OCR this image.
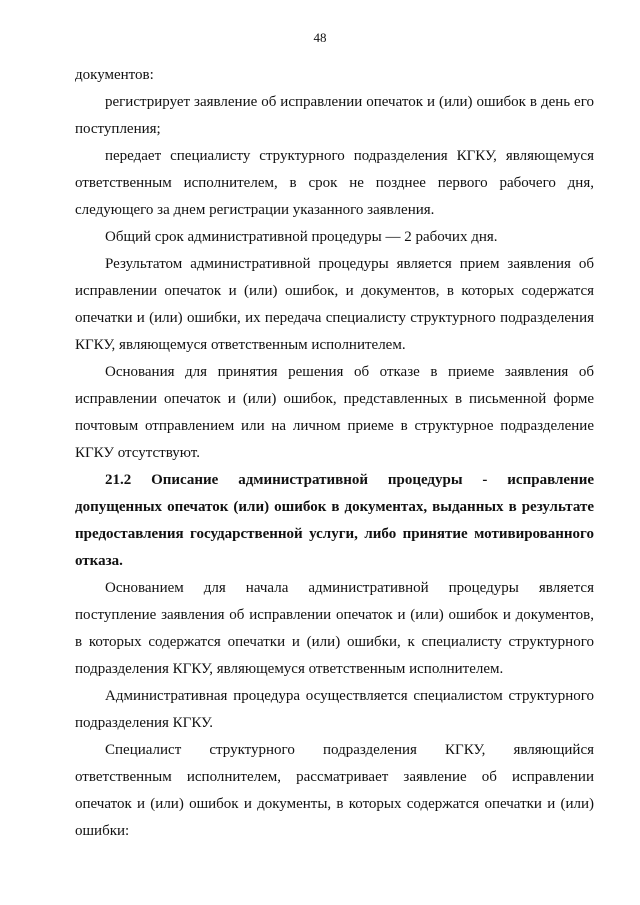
48

документов:

регистрирует заявление об исправлении опечаток и (или) ошибок в день его поступления;

передает специалисту структурного подразделения КГКУ, являющемуся ответственным исполнителем, в срок не позднее первого рабочего дня, следующего за днем регистрации указанного заявления.

Общий срок административной процедуры — 2 рабочих дня.

Результатом административной процедуры является прием заявления об исправлении опечаток и (или) ошибок, и документов, в которых содержатся опечатки и (или) ошибки, их передача специалисту структурного подразделения КГКУ, являющемуся ответственным исполнителем.

Основания для принятия решения об отказе в приеме заявления об исправлении опечаток и (или) ошибок, представленных в письменной форме почтовым отправлением или на личном приеме в структурное подразделение КГКУ отсутствуют.

21.2 Описание административной процедуры - исправление допущенных опечаток (или) ошибок в документах, выданных в результате предоставления государственной услуги, либо принятие мотивированного отказа.

Основанием для начала административной процедуры является поступление заявления об исправлении опечаток и (или) ошибок и документов, в которых содержатся опечатки и (или) ошибки, к специалисту структурного подразделения КГКУ, являющемуся ответственным исполнителем.

Административная процедура осуществляется специалистом структурного подразделения КГКУ.

Специалист структурного подразделения КГКУ, являющийся ответственным исполнителем, рассматривает заявление об исправлении опечаток и (или) ошибок и документы, в которых содержатся опечатки и (или) ошибки:
